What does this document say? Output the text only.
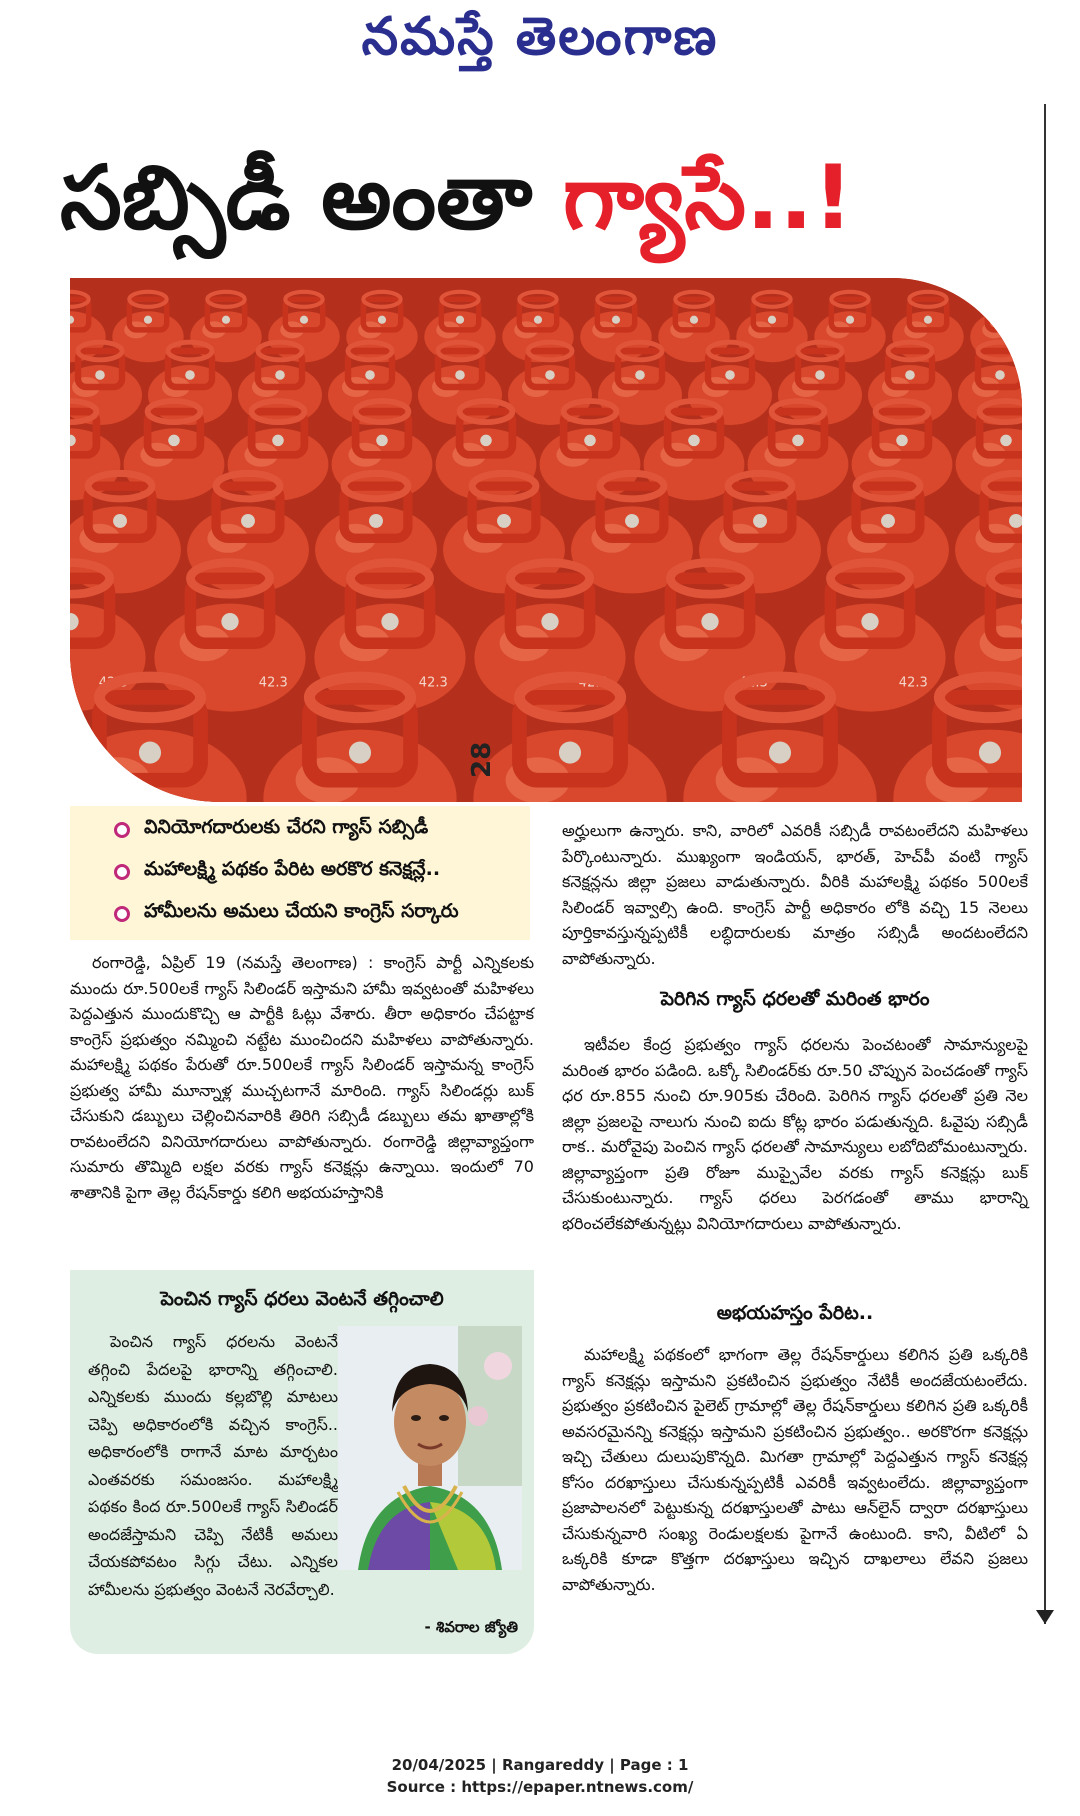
నమస్తే తెలంగాణ
సబ్సిడీ అంతా గ్యాసే..!
42.3	42.3	42.3	42.3	42.3	42.3
28
వినియోగదారులకు చేరని గ్యాస్ సబ్సిడీ
మహాలక్ష్మి పథకం పేరిట అరకొర కనెక్షన్లే..
హామీలను అమలు చేయని కాంగ్రెస్ సర్కారు

రంగారెడ్డి, ఏప్రిల్ 19 (నమస్తే తెలంగాణ) : కాంగ్రెస్ పార్టీ ఎన్నికలకు ముందు రూ.500లకే గ్యాస్ సిలిండర్ ఇస్తామని హామీ ఇవ్వటంతో మహిళలు పెద్దఎత్తున ముందుకొచ్చి ఆ పార్టీకి ఓట్లు వేశారు. తీరా అధికారం చేపట్టాక కాంగ్రెస్ ప్రభుత్వం నమ్మించి నట్టేట ముంచిందని మహిళలు వాపోతున్నారు. మహాలక్ష్మి పథకం పేరుతో రూ.500లకే గ్యాస్ సిలిండర్ ఇస్తామన్న కాంగ్రెస్ ప్రభుత్వ హామీ మూన్నాళ్ల ముచ్చటగానే మారింది. గ్యాస్ సిలిండర్లు బుక్ చేసుకుని డబ్బులు చెల్లించినవారికి తిరిగి సబ్సిడీ డబ్బులు తమ ఖాతాల్లోకి రావటంలేదని వినియోగదారులు వాపోతున్నారు. రంగారెడ్డి జిల్లావ్యాప్తంగా సుమారు తొమ్మిది లక్షల వరకు గ్యాస్ కనెక్షన్లు ఉన్నాయి. ఇందులో 70 శాతానికి పైగా తెల్ల రేషన్‌కార్డు కలిగి అభయహస్తానికి

అర్హులుగా ఉన్నారు. కాని, వారిలో ఎవరికీ సబ్సిడీ రావటంలేదని మహిళలు పేర్కొంటున్నారు. ముఖ్యంగా ఇండియన్, భారత్, హెచ్‌పీ వంటి గ్యాస్ కనెక్షన్లను జిల్లా ప్రజలు వాడుతున్నారు. వీరికి మహాలక్ష్మి పథకం 500లకే సిలిండర్ ఇవ్వాల్సి ఉంది. కాంగ్రెస్ పార్టీ అధికారం లోకి వచ్చి 15 నెలలు పూర్తికావస్తున్నప్పటికీ లబ్ధిదారులకు మాత్రం సబ్సిడీ అందటంలేదని వాపోతున్నారు.

పెరిగిన గ్యాస్ ధరలతో మరింత భారం

ఇటీవల కేంద్ర ప్రభుత్వం గ్యాస్ ధరలను పెంచటంతో సామాన్యులపై మరింత భారం పడింది. ఒక్కో సిలిండర్‌కు రూ.50 చొప్పున పెంచడంతో గ్యాస్ ధర రూ.855 నుంచి రూ.905కు చేరింది. పెరిగిన గ్యాస్ ధరలతో ప్రతి నెల జిల్లా ప్రజలపై నాలుగు నుంచి ఐదు కోట్ల భారం పడుతున్నది. ఓవైపు సబ్సిడీ రాక.. మరోవైపు పెంచిన గ్యాస్ ధరలతో సామాన్యులు లబోదిబోమంటున్నారు. జిల్లావ్యాప్తంగా ప్రతి రోజూ ముప్పైవేల వరకు గ్యాస్ కనెక్షన్లు బుక్ చేసుకుంటున్నారు. గ్యాస్ ధరలు పెరగడంతో తాము భారాన్ని భరించలేకపోతున్నట్లు వినియోగదారులు వాపోతున్నారు.

అభయహస్తం పేరిట..

మహాలక్ష్మి పథకంలో భాగంగా తెల్ల రేషన్‌కార్డులు కలిగిన ప్రతి ఒక్కరికి గ్యాస్ కనెక్షన్లు ఇస్తామని ప్రకటించిన ప్రభుత్వం నేటికీ అందజేయటంలేదు. ప్రభుత్వం ప్రకటించిన పైలెట్ గ్రామాల్లో తెల్ల రేషన్‌కార్డులు కలిగిన ప్రతి ఒక్కరికీ అవసరమైనన్ని కనెక్షన్లు ఇస్తామని ప్రకటించిన ప్రభుత్వం.. అరకొరగా కనెక్షన్లు ఇచ్చి చేతులు దులుపుకొన్నది. మిగతా గ్రామాల్లో పెద్దఎత్తున గ్యాస్ కనెక్షన్ల కోసం దరఖాస్తులు చేసుకున్నప్పటికీ ఎవరికీ ఇవ్వటంలేదు. జిల్లావ్యాప్తంగా ప్రజాపాలనలో పెట్టుకున్న దరఖాస్తులతో పాటు ఆన్‌లైన్ ద్వారా దరఖాస్తులు చేసుకున్నవారి సంఖ్య రెండులక్షలకు పైగానే ఉంటుంది. కాని, వీటిలో ఏ ఒక్కరికి కూడా కొత్తగా దరఖాస్తులు ఇచ్చిన దాఖలాలు లేవని ప్రజలు వాపోతున్నారు.

పెంచిన గ్యాస్ ధరలు వెంటనే తగ్గించాలి

పెంచిన గ్యాస్ ధరలను వెంటనే తగ్గించి పేదలపై భారాన్ని తగ్గించాలి. ఎన్నికలకు ముందు కల్లబొల్లి మాటలు చెప్పి అధికారంలోకి వచ్చిన కాంగ్రెస్.. అధికారంలోకి రాగానే మాట మార్చటం ఎంతవరకు సమంజసం. మహాలక్ష్మి పథకం కింద రూ.500లకే గ్యాస్ సిలిండర్ అందజేస్తామని చెప్పి నేటికీ అమలు చేయకపోవటం సిగ్గు చేటు. ఎన్నికల హామీలను ప్రభుత్వం వెంటనే నెరవేర్చాలి.

- శివరాల జ్యోతి
20/04/2025 | Rangareddy | Page : 1
Source : https://epaper.ntnews.com/
